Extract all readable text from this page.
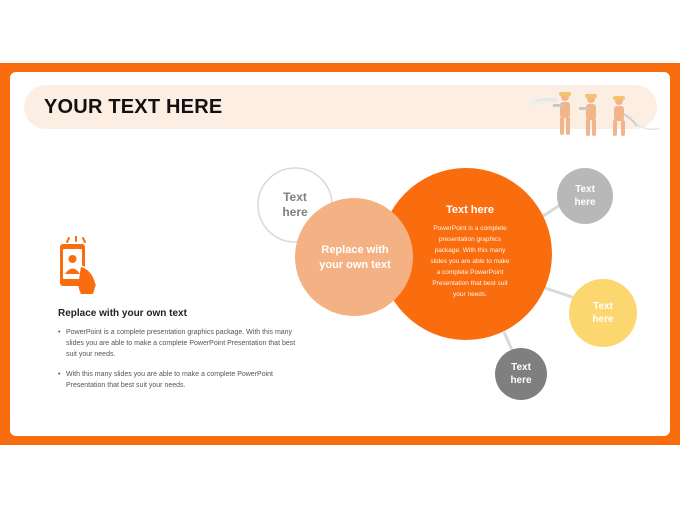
YOUR TEXT HERE
Replace with your own text
• PowerPoint is a complete presentation graphics package. With this many slides you are able to make a complete PowerPoint Presentation that best suit your needs.
• With this many slides you are able to make a complete PowerPoint Presentation that best suit your needs.
Text
here
Replace with
your own text
Text here
PowerPoint is a complete
presentation graphics
package. With this many
slides you are able to make
a complete PowerPoint
Presentation that best suit
your needs.
Text
here
Text
here
Text
here
